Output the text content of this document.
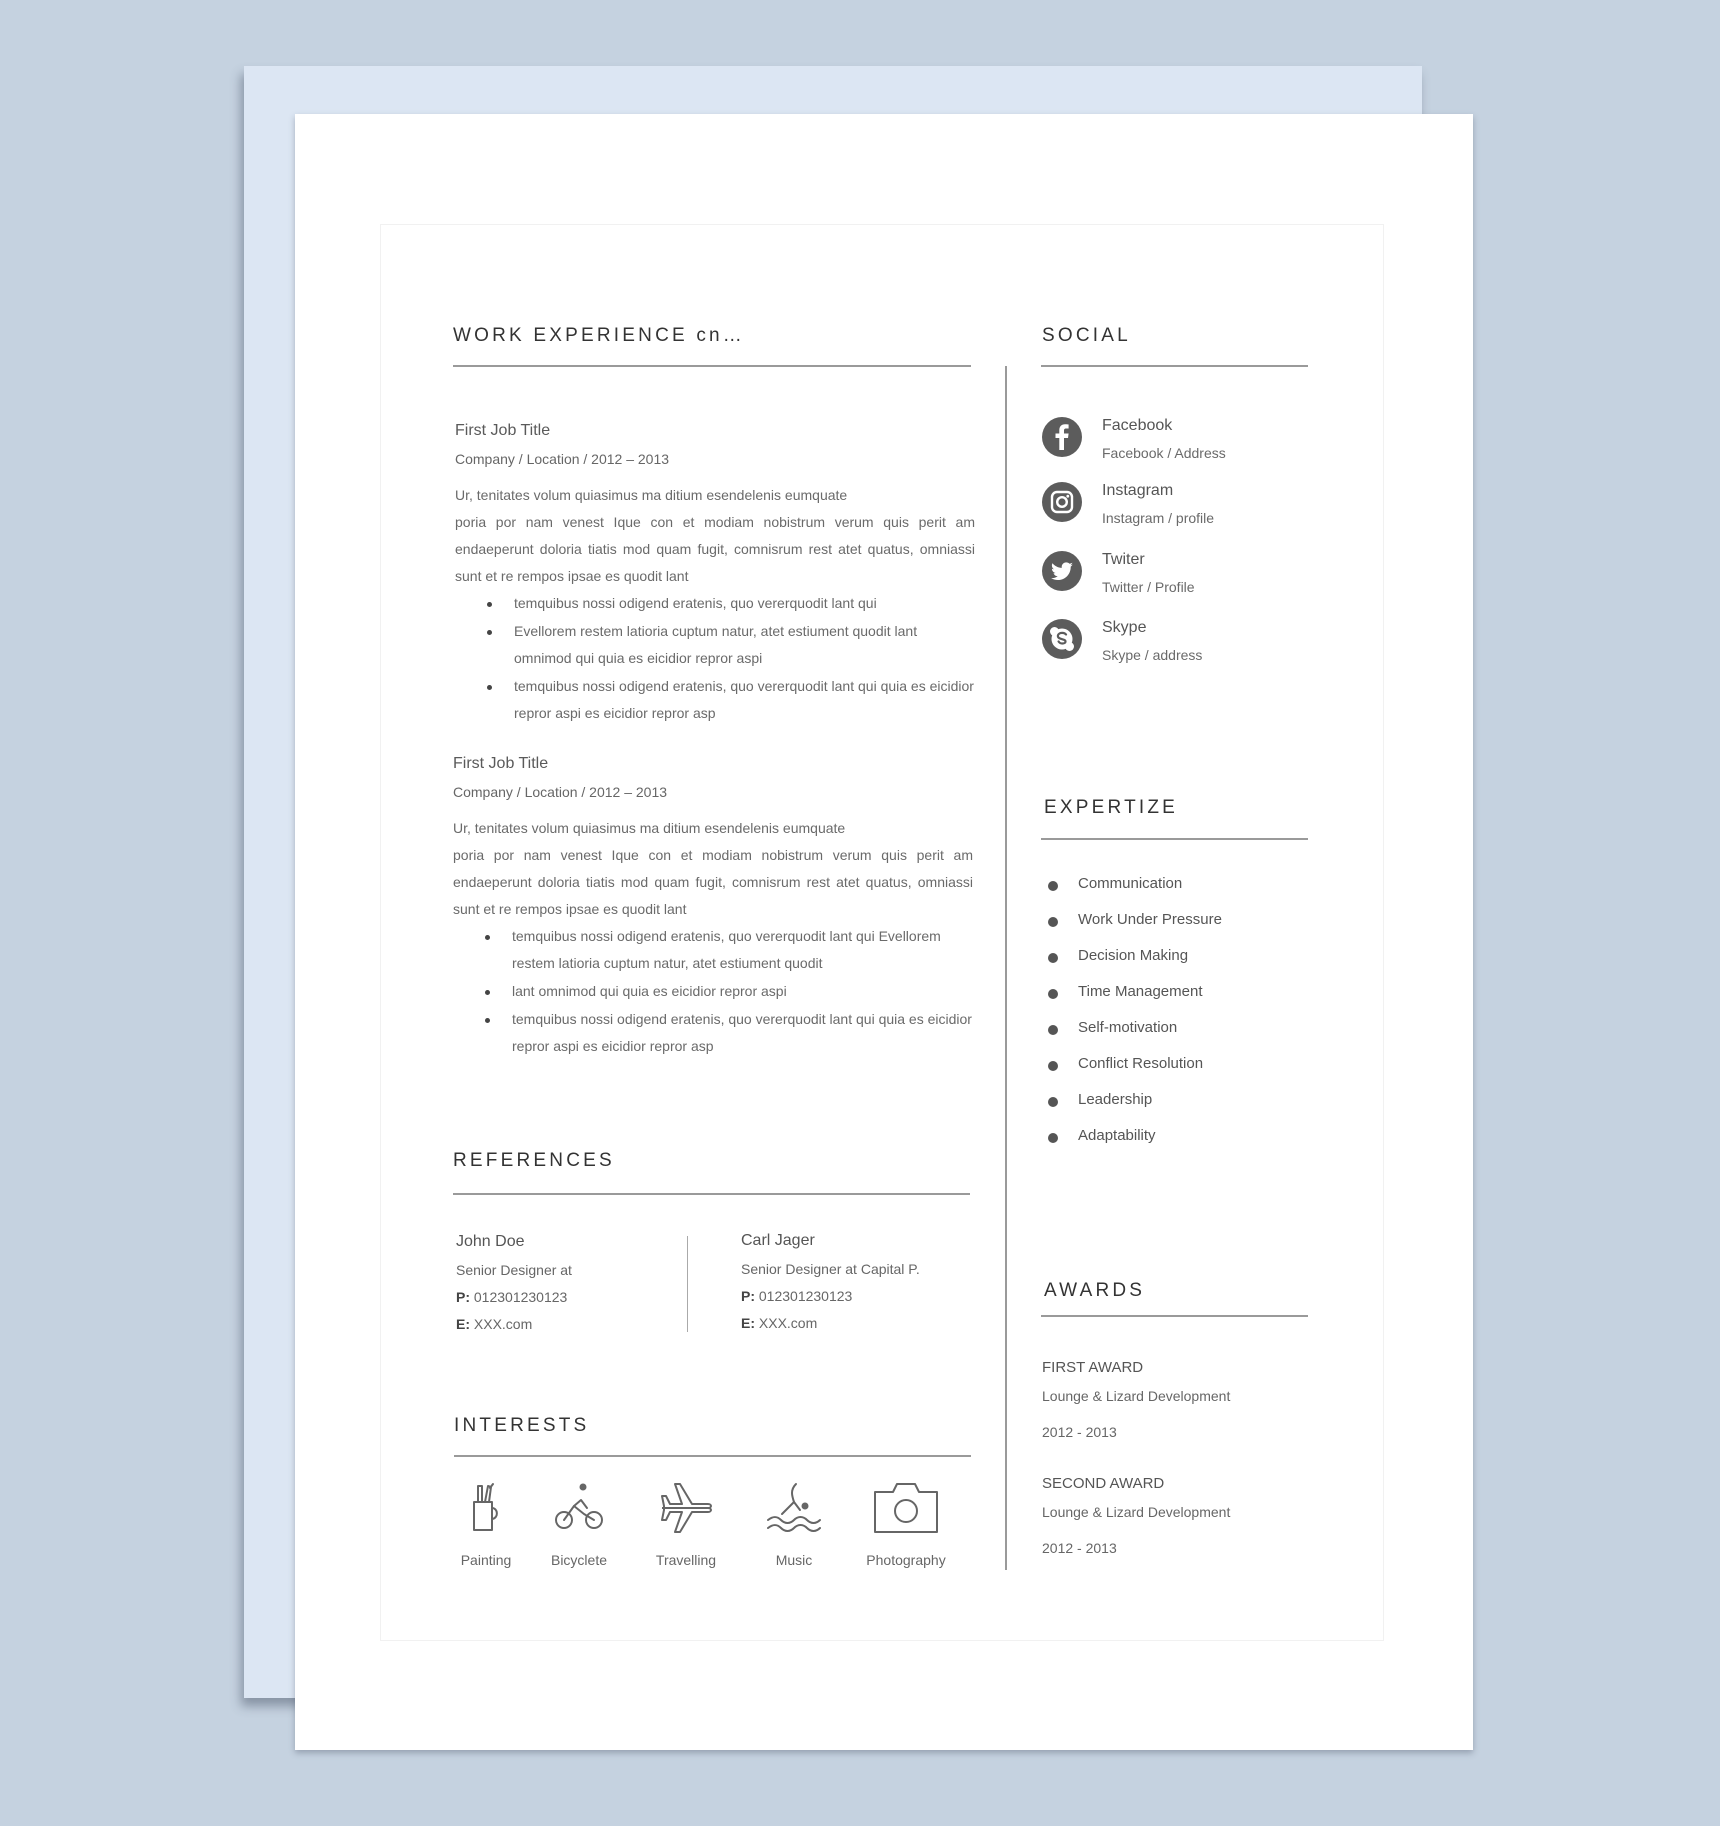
WORK EXPERIENCE cn…
First Job Title
Company / Location / 2012 – 2013
Ur, tenitates volum quiasimus ma ditium esendelenis eumquate
poria por nam venest Ique con et modiam nobistrum verum quis perit am endaeperunt doloria tiatis mod quam fugit, comnisrum rest atet quatus, omniassi sunt et re rempos ipsae es quodit lant
temquibus nossi odigend eratenis, quo vererquodit lant qui
Evellorem restem latioria cuptum natur, atet estiument quodit lant omnimod qui quia es eicidior repror aspi
temquibus nossi odigend eratenis, quo vererquodit lant qui quia es eicidior repror aspi es eicidior repror asp
First Job Title
Company / Location / 2012 – 2013
Ur, tenitates volum quiasimus ma ditium esendelenis eumquate
poria por nam venest Ique con et modiam nobistrum verum quis perit am endaeperunt doloria tiatis mod quam fugit, comnisrum rest atet quatus, omniassi sunt et re rempos ipsae es quodit lant
temquibus nossi odigend eratenis, quo vererquodit lant qui Evellorem restem latioria cuptum natur, atet estiument quodit
lant omnimod qui quia es eicidior repror aspi
temquibus nossi odigend eratenis, quo vererquodit lant qui quia es eicidior repror aspi es eicidior repror asp
SOCIAL
Facebook
Facebook / Address
Instagram
Instagram / profile
Twiter
Twitter / Profile
Skype
Skype / address
EXPERTIZE
Communication
Work Under Pressure
Decision Making
Time Management
Self-motivation
Conflict Resolution
Leadership
Adaptability
AWARDS
FIRST AWARD
Lounge & Lizard Development
2012 - 2013
SECOND AWARD
Lounge & Lizard Development
2012 - 2013
REFERENCES
John Doe
Senior Designer at
P: 012301230123
E: XXX.com
Carl Jager
Senior Designer at Capital P.
P: 012301230123
E: XXX.com
INTERESTS
Painting	Bicyclete	Travelling	Music	Photography
